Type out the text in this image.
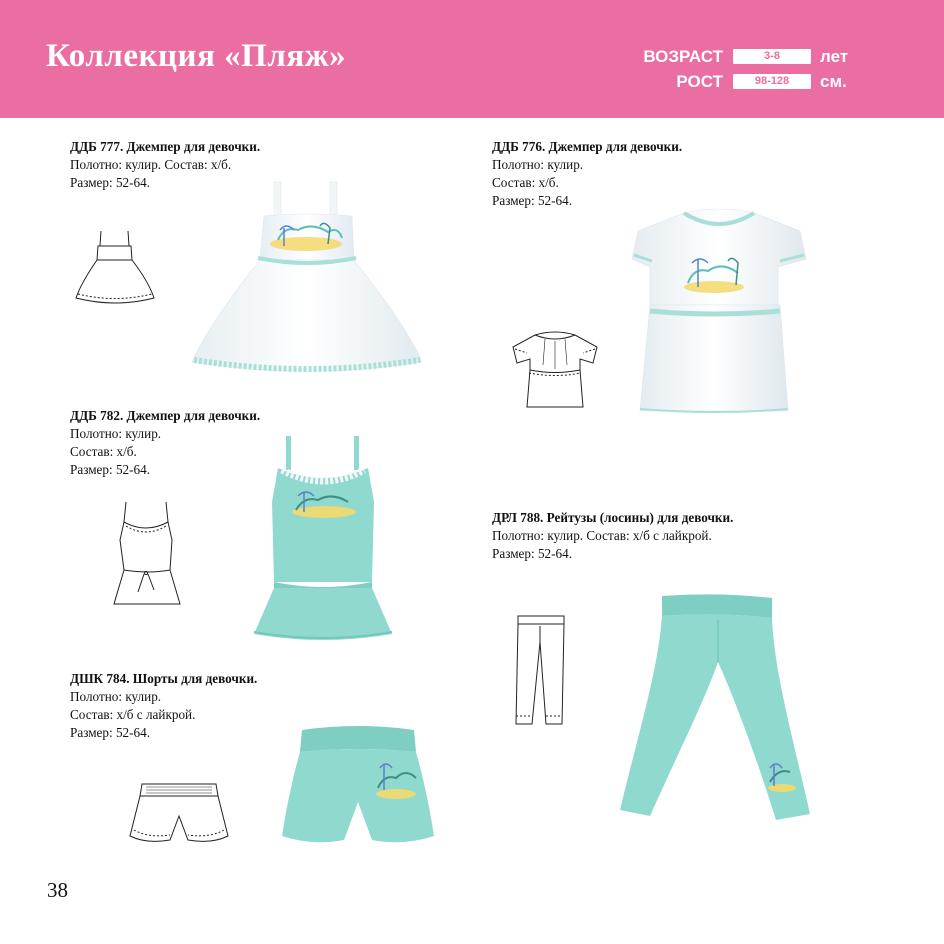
Коллекция «Пляж»	ВОЗРАСТ	3-8	лет
РОСТ	98-128	см.
ДДБ 777. Джемпер для девочки.
Полотно: кулир. Состав: х/б.
Размер: 52-64.
ДДБ 776. Джемпер для девочки.
Полотно: кулир.
Состав: х/б.
Размер: 52-64.
ДДБ 782. Джемпер для девочки.
Полотно: кулир.
Состав: х/б.
Размер: 52-64.
ДРЛ 788. Рейтузы (лосины) для девочки.
Полотно: кулир. Состав: х/б с лайкрой.
Размер: 52-64.
ДШК 784. Шорты для девочки.
Полотно: кулир.
Состав: х/б с лайкрой.
Размер: 52-64.
38
